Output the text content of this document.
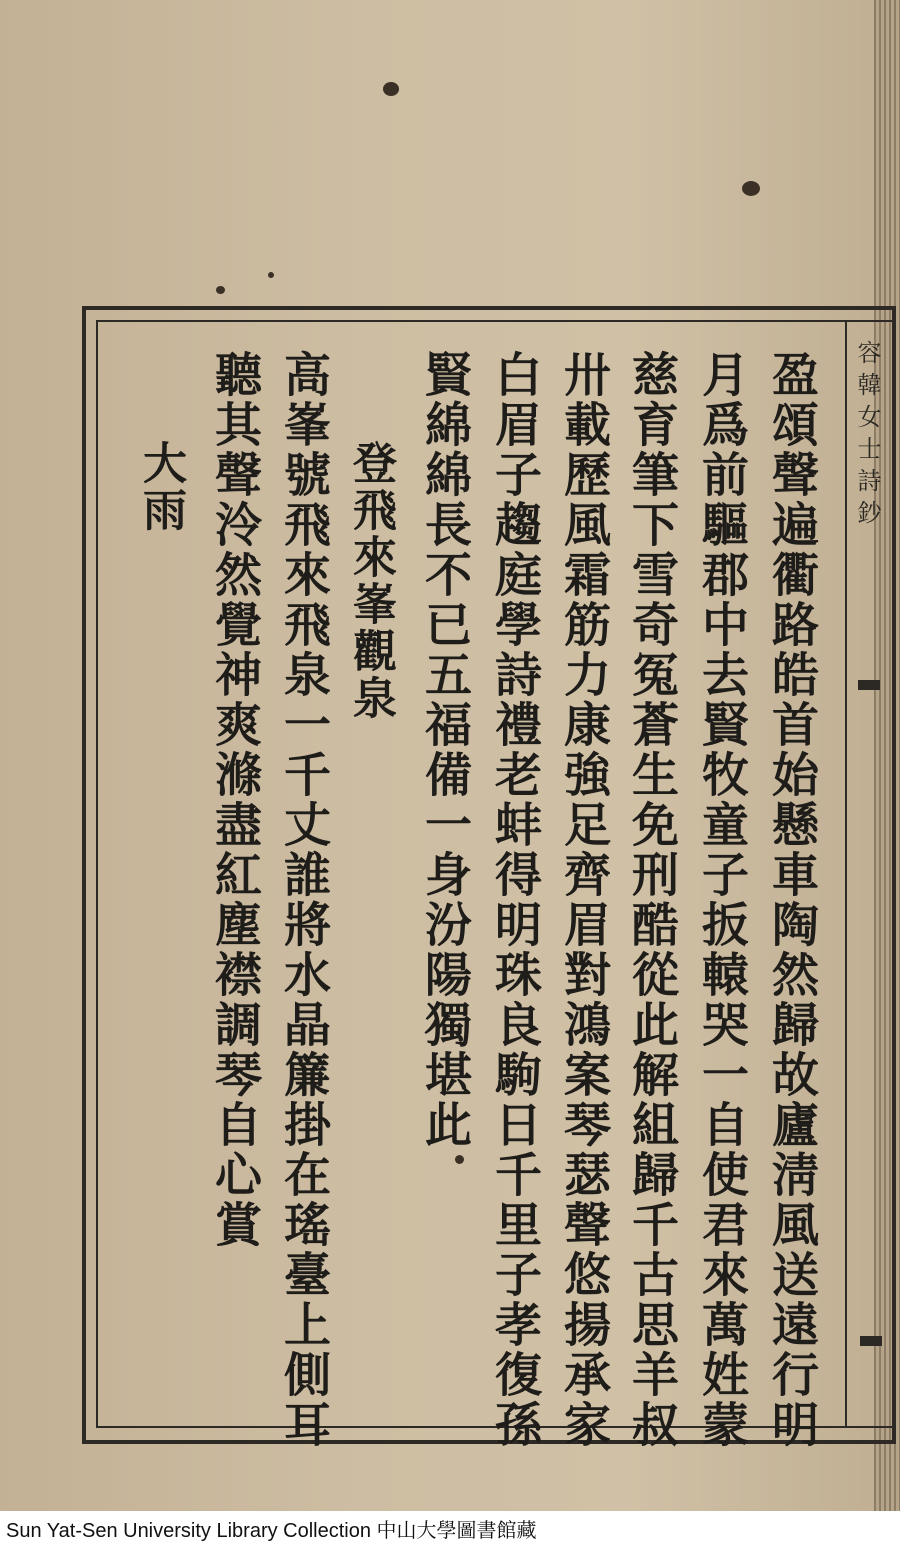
容韓女士詩鈔
盈頌聲遍衢路皓首始懸車陶然歸故廬淸風送遠行明
月爲前驅郡中去賢牧童子扳轅哭一自使君來萬姓蒙
慈育筆下雪奇冤蒼生免刑酷從此解組歸千古思羊叔
卅載歷風霜筋力康強足齊眉對鴻案琴瑟聲悠揚承家
白眉子趨庭學詩禮老蚌得明珠良駒日千里子孝復孫
賢綿綿長不已五福備一身汾陽獨堪此
登飛來峯觀泉
高峯號飛來飛泉一千丈誰將水晶簾掛在瑤臺上側耳
聽其聲泠然覺神爽滌盡紅塵襟調琴自心賞
大雨
Sun Yat-Sen University Library Collection 中山大學圖書館藏
